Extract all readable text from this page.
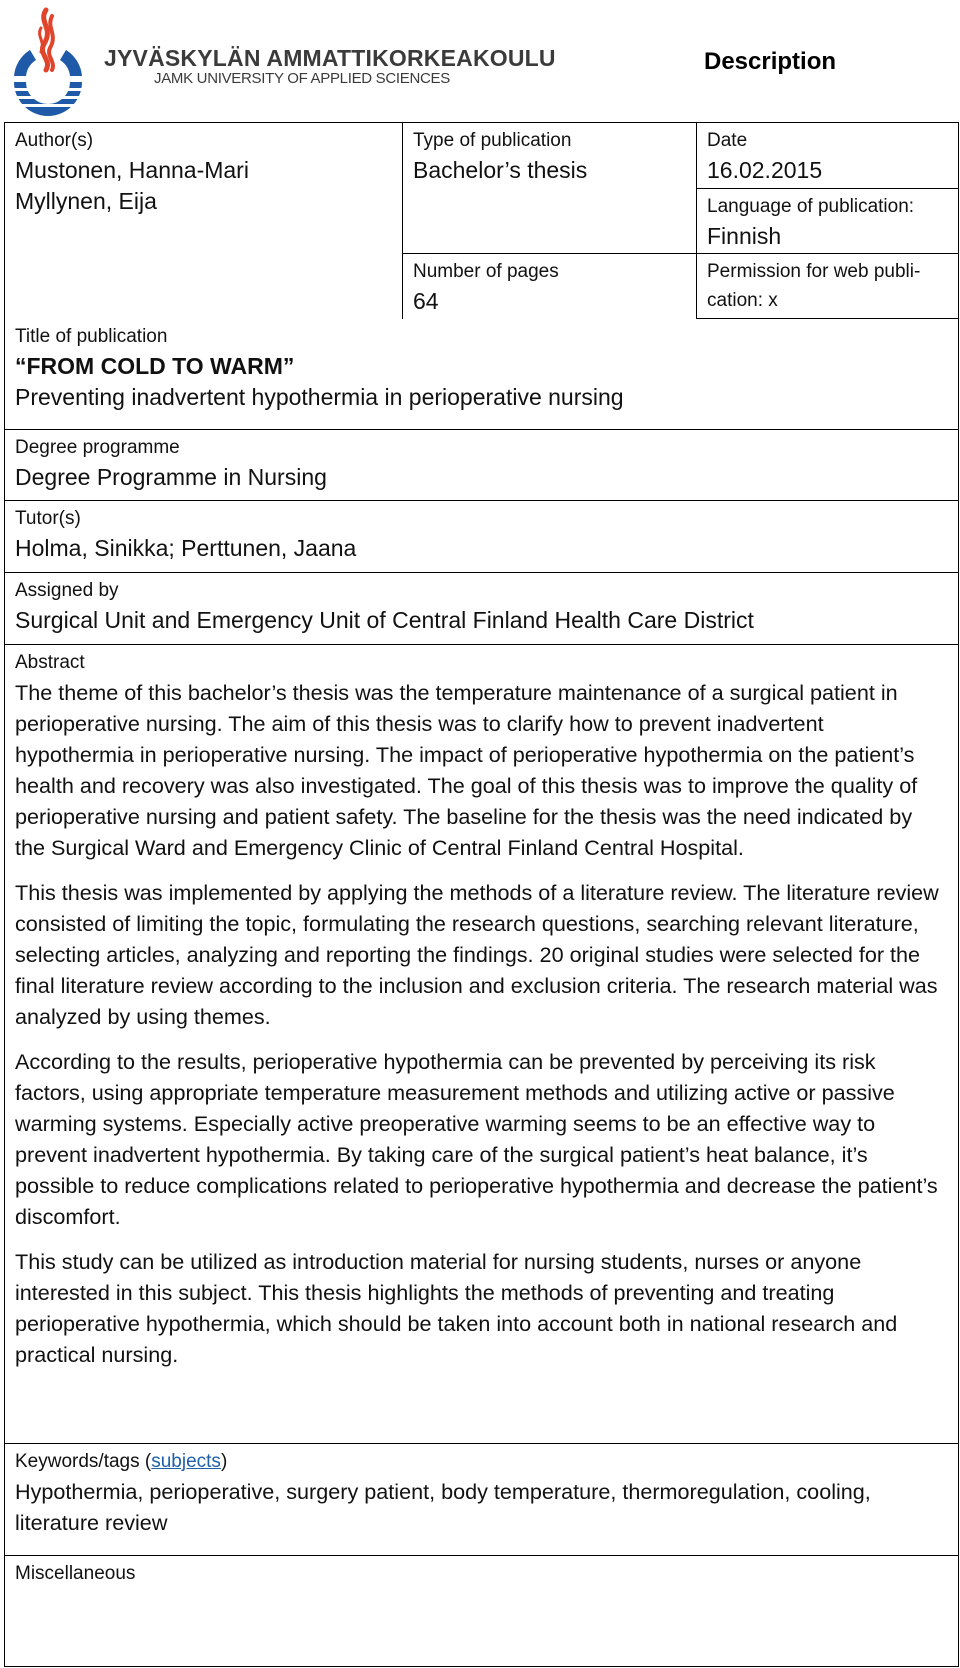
JYVÄSKYLÄN AMMATTIKORKEAKOULU
JAMK UNIVERSITY OF APPLIED SCIENCES
Description
Author(s)
Mustonen, Hanna-Mari
Myllynen, Eija
Type of publication
Bachelor’s thesis
Date
16.02.2015
Language of publication:
Finnish
Number of pages
64
Permission for web publi-
cation: x
Title of publication
“FROM COLD TO WARM”
Preventing inadvertent hypothermia in perioperative nursing
Degree programme
Degree Programme in Nursing
Tutor(s)
Holma, Sinikka; Perttunen, Jaana
Assigned by
Surgical Unit and Emergency Unit of Central Finland Health Care District
Abstract

The theme of this bachelor’s thesis was the temperature maintenance of a surgical patient in perioperative nursing. The aim of this thesis was to clarify how to prevent inadvertent hypothermia in perioperative nursing. The impact of perioperative hypothermia on the patient’s health and recovery was also investigated. The goal of this thesis was to improve the quality of perioperative nursing and patient safety. The baseline for the thesis was the need indicated by the Surgical Ward and Emergency Clinic of Central Finland Central Hospital.

This thesis was implemented by applying the methods of a literature review. The literature review consisted of limiting the topic, formulating the research questions, searching relevant literature, selecting articles, analyzing and reporting the findings. 20 original studies were selected for the final literature review according to the inclusion and exclusion criteria. The research material was analyzed by using themes.

According to the results, perioperative hypothermia can be prevented by perceiving its risk factors, using appropriate temperature measurement methods and utilizing active or passive warming systems. Especially active preoperative warming seems to be an effective way to prevent inadvertent hypothermia. By taking care of the surgical patient’s heat balance, it’s possible to reduce complications related to perioperative hypothermia and decrease the patient’s discomfort.

This study can be utilized as introduction material for nursing students, nurses or anyone interested in this subject. This thesis highlights the methods of preventing and treating perioperative hypothermia, which should be taken into account both in national research and practical nursing.

Keywords/tags (subjects)
Hypothermia, perioperative, surgery patient, body temperature, thermoregulation, cooling, literature review
Miscellaneous
